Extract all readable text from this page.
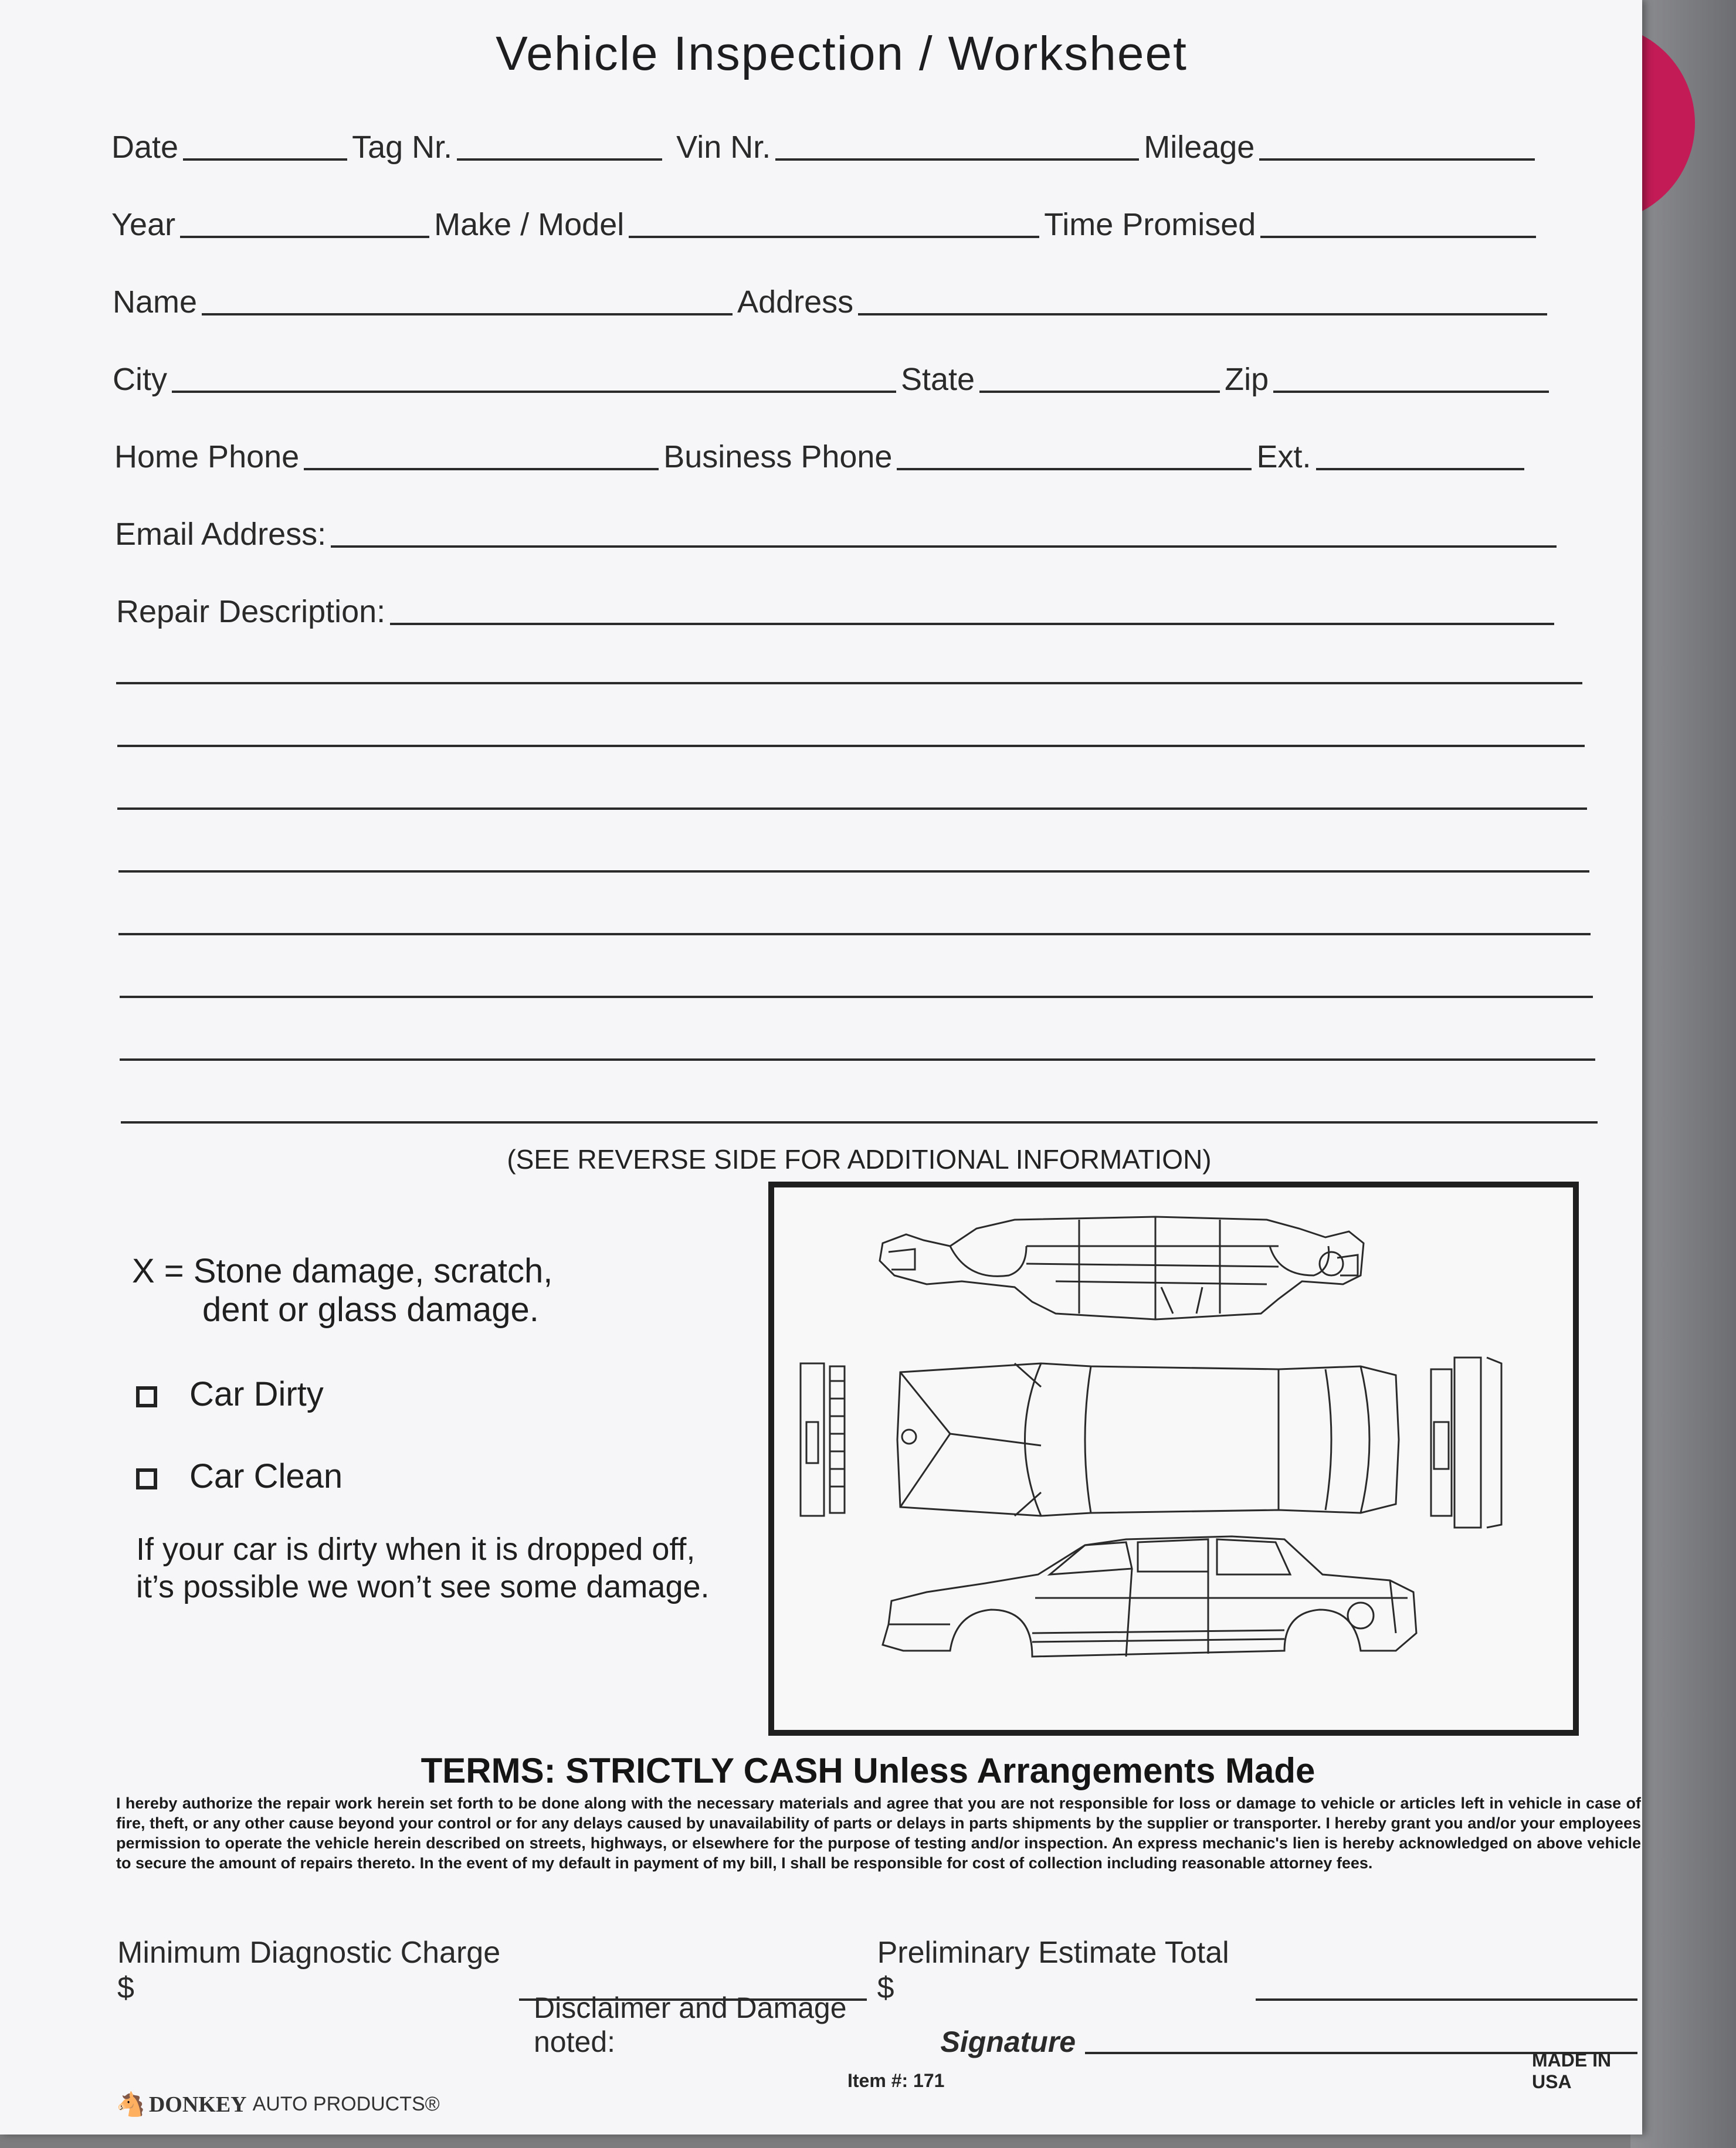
Vehicle Inspection / Worksheet
Date	Tag Nr.	Vin Nr.	Mileage
Year	Make / Model	Time Promised
Name	Address
City	State	Zip
Home Phone	Business Phone	Ext.
Email Address:
Repair Description:
(SEE REVERSE SIDE FOR ADDITIONAL INFORMATION)
X = Stone damage, scratch,
dent or glass damage.
Car Dirty
Car Clean
If your car is dirty when it is dropped off,
it’s possible we won’t see some damage.
TERMS: STRICTLY CASH Unless Arrangements Made
I hereby authorize the repair work herein set forth to be done along with the necessary materials and agree that you are not responsible for loss or damage to vehicle or articles left in vehicle in case of fire, theft, or any other cause beyond your control or for any delays caused by unavailability of parts or delays in parts shipments by the supplier or transporter. I hereby grant you and/or your employees permission to operate the vehicle herein described on streets, highways, or elsewhere for the purpose of testing and/or inspection. An express mechanic's lien is hereby acknowledged on above vehicle to secure the amount of repairs thereto. In the event of my default in payment of my bill, I shall be responsible for cost of collection including reasonable attorney fees.
Minimum Diagnostic Charge $
Preliminary Estimate Total $
Disclaimer and Damage noted:	Signature
🐴 DONKEY AUTO PRODUCTS®
Item #: 171
MADE IN USA
